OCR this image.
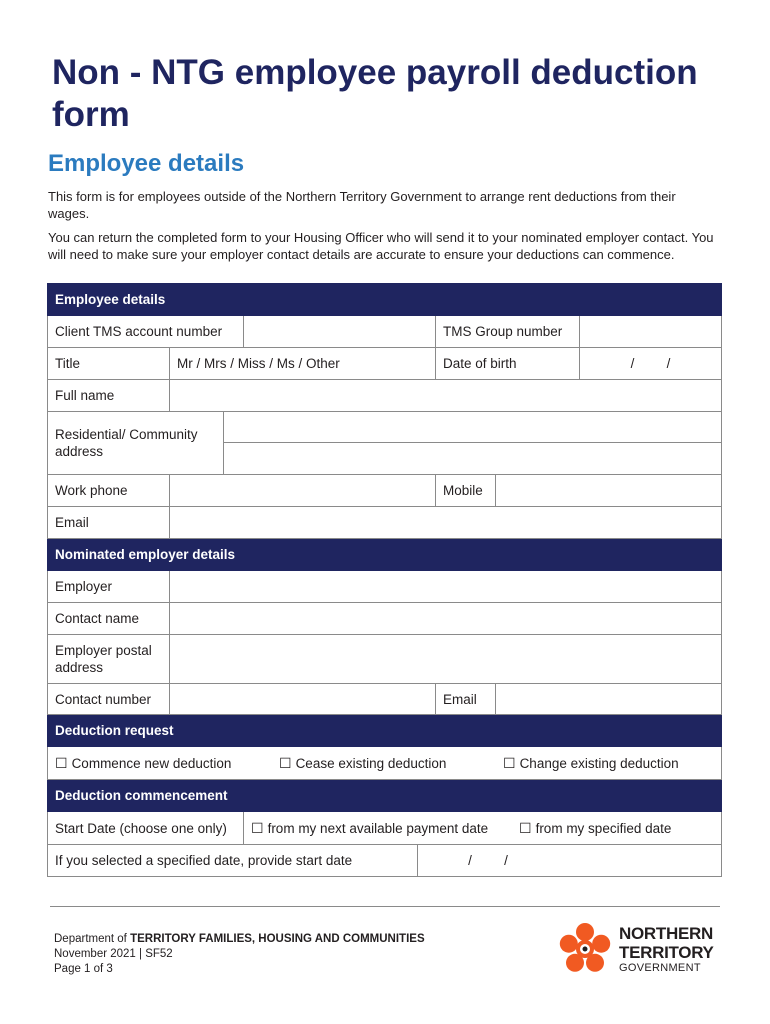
Non - NTG employee payroll deduction form
Employee details

This form is for employees outside of the Northern Territory Government to arrange rent deductions from their wages.

You can return the completed form to your Housing Officer who will send it to your nominated employer contact. You will need to make sure your employer contact details are accurate to ensure your deductions can commence.

Employee details							
Client TMS account number					TMS Group number		
Title	Mr / Mrs / Miss / Ms / Other				Date of birth		/ /
Full name							
Residential/ Community address							

Work phone					Mobile		
Email							
Nominated employer details							
Employer							
Contact name							
Employer postal address							
Contact number					Email		
Deduction request							

☐ Commence new deduction ☐ Cease existing deduction ☐ Change existing deduction							

Deduction commencement							
Start Date (choose one only)			☐ from my next available payment date ☐ from my specified date				

If you selected a specified date, provide start date				/ /			
Department of TERRITORY FAMILIES, HOUSING AND COMMUNITIES
November 2021 | SF52
Page 1 of 3
NORTHERN
TERRITORY
GOVERNMENT
